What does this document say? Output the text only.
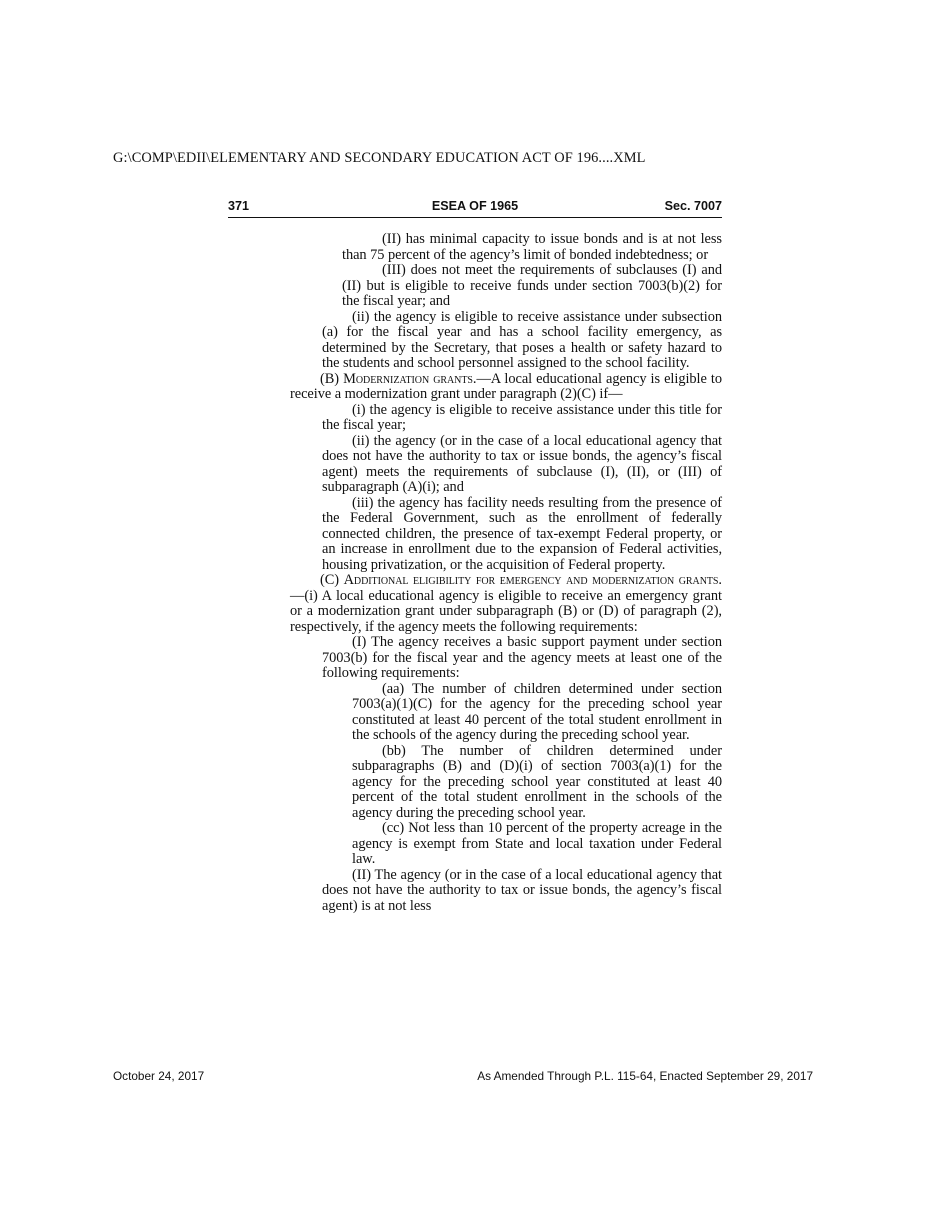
G:\COMP\EDII\ELEMENTARY AND SECONDARY EDUCATION ACT OF 196....XML
371	ESEA OF 1965	Sec. 7007

(II) has minimal capacity to issue bonds and is at not less than 75 percent of the agency’s limit of bonded indebtedness; or

(III) does not meet the requirements of subclauses (I) and (II) but is eligible to receive funds under section 7003(b)(2) for the fiscal year; and

(ii) the agency is eligible to receive assistance under subsection (a) for the fiscal year and has a school facility emergency, as determined by the Secretary, that poses a health or safety hazard to the students and school personnel assigned to the school facility.

(B) Modernization grants.—A local educational agency is eligible to receive a modernization grant under paragraph (2)(C) if—

(i) the agency is eligible to receive assistance under this title for the fiscal year;

(ii) the agency (or in the case of a local educational agency that does not have the authority to tax or issue bonds, the agency’s fiscal agent) meets the requirements of subclause (I), (II), or (III) of subparagraph (A)(i); and

(iii) the agency has facility needs resulting from the presence of the Federal Government, such as the enrollment of federally connected children, the presence of tax-exempt Federal property, or an increase in enrollment due to the expansion of Federal activities, housing privatization, or the acquisition of Federal property.

(C) Additional eligibility for emergency and modernization grants.—(i) A local educational agency is eligible to receive an emergency grant or a modernization grant under subparagraph (B) or (D) of paragraph (2), respectively, if the agency meets the following requirements:

(I) The agency receives a basic support payment under section 7003(b) for the fiscal year and the agency meets at least one of the following requirements:

(aa) The number of children determined under section 7003(a)(1)(C) for the agency for the preceding school year constituted at least 40 percent of the total student enrollment in the schools of the agency during the preceding school year.

(bb) The number of children determined under subparagraphs (B) and (D)(i) of section 7003(a)(1) for the agency for the preceding school year constituted at least 40 percent of the total student enrollment in the schools of the agency during the preceding school year.

(cc) Not less than 10 percent of the property acreage in the agency is exempt from State and local taxation under Federal law.

(II) The agency (or in the case of a local educational agency that does not have the authority to tax or issue bonds, the agency’s fiscal agent) is at not less

October 24, 2017	As Amended Through P.L. 115-64, Enacted September 29, 2017
